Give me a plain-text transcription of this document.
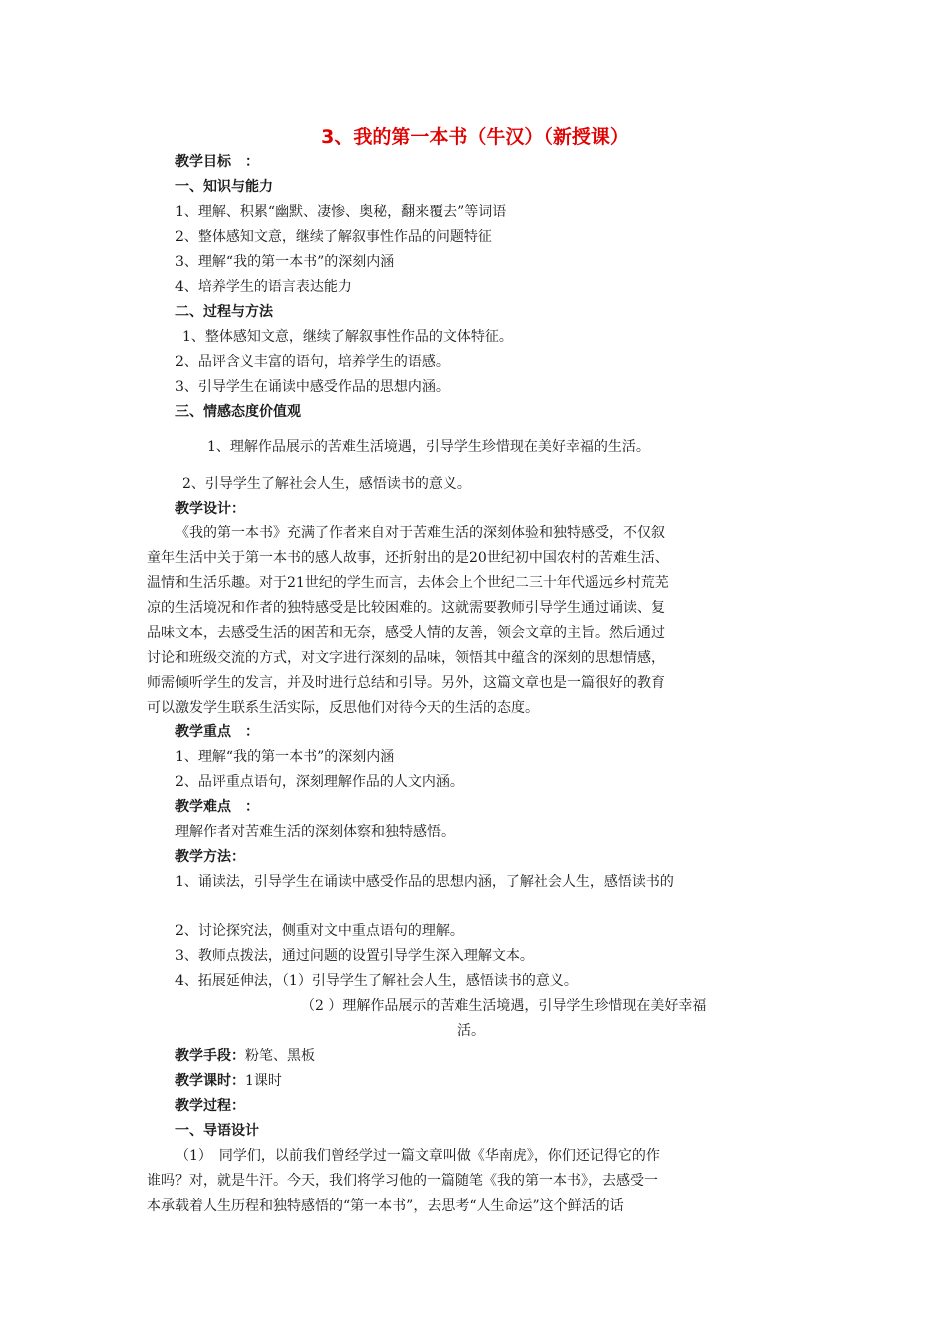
3、我的第一本书（牛汉）（新授课）
教学目标　：
一、知识与能力
1、理解、积累“幽默、凄惨、奥秘，翻来覆去”等词语
2、整体感知文意，继续了解叙事性作品的问题特征
3、理解“我的第一本书”的深刻内涵
4、培养学生的语言表达能力
二、过程与方法
1、整体感知文意，继续了解叙事性作品的文体特征。
2、品评含义丰富的语句，培养学生的语感。
3、引导学生在诵读中感受作品的思想内涵。
三、情感态度价值观
1、理解作品展示的苦难生活境遇，引导学生珍惜现在美好幸福的生活。
2、引导学生了解社会人生，感悟读书的意义。
教学设计：
《我的第一本书》充满了作者来自对于苦难生活的深刻体验和独特感受，不仅叙
童年生活中关于第一本书的感人故事，还折射出的是20世纪初中国农村的苦难生活、
温情和生活乐趣。对于21世纪的学生而言，去体会上个世纪二三十年代遥远乡村荒芜
凉的生活境况和作者的独特感受是比较困难的。这就需要教师引导学生通过诵读、复
品味文本，去感受生活的困苦和无奈，感受人情的友善，领会文章的主旨。然后通过
讨论和班级交流的方式，对文字进行深刻的品味，领悟其中蕴含的深刻的思想情感，
师需倾听学生的发言，并及时进行总结和引导。另外，这篇文章也是一篇很好的教育
可以激发学生联系生活实际，反思他们对待今天的生活的态度。
教学重点　：
1、理解“我的第一本书”的深刻内涵
2、品评重点语句，深刻理解作品的人文内涵。
教学难点　：
理解作者对苦难生活的深刻体察和独特感悟。
教学方法：
1、诵读法，引导学生在诵读中感受作品的思想内涵，了解社会人生，感悟读书的
2、讨论探究法，侧重对文中重点语句的理解。
3、教师点拨法，通过问题的设置引导学生深入理解文本。
4、拓展延伸法，（1）引导学生了解社会人生，感悟读书的意义。
（2 ）理解作品展示的苦难生活境遇，引导学生珍惜现在美好幸福
活。
教学手段：粉笔、黑板
教学课时：1课时
教学过程：
一、导语设计
（1）　同学们，以前我们曾经学过一篇文章叫做《华南虎》，你们还记得它的作
谁吗？对，就是牛汗。今天，我们将学习他的一篇随笔《我的第一本书》，去感受一
本承载着人生历程和独特感悟的“第一本书”，去思考“人生命运”这个鲜活的话
